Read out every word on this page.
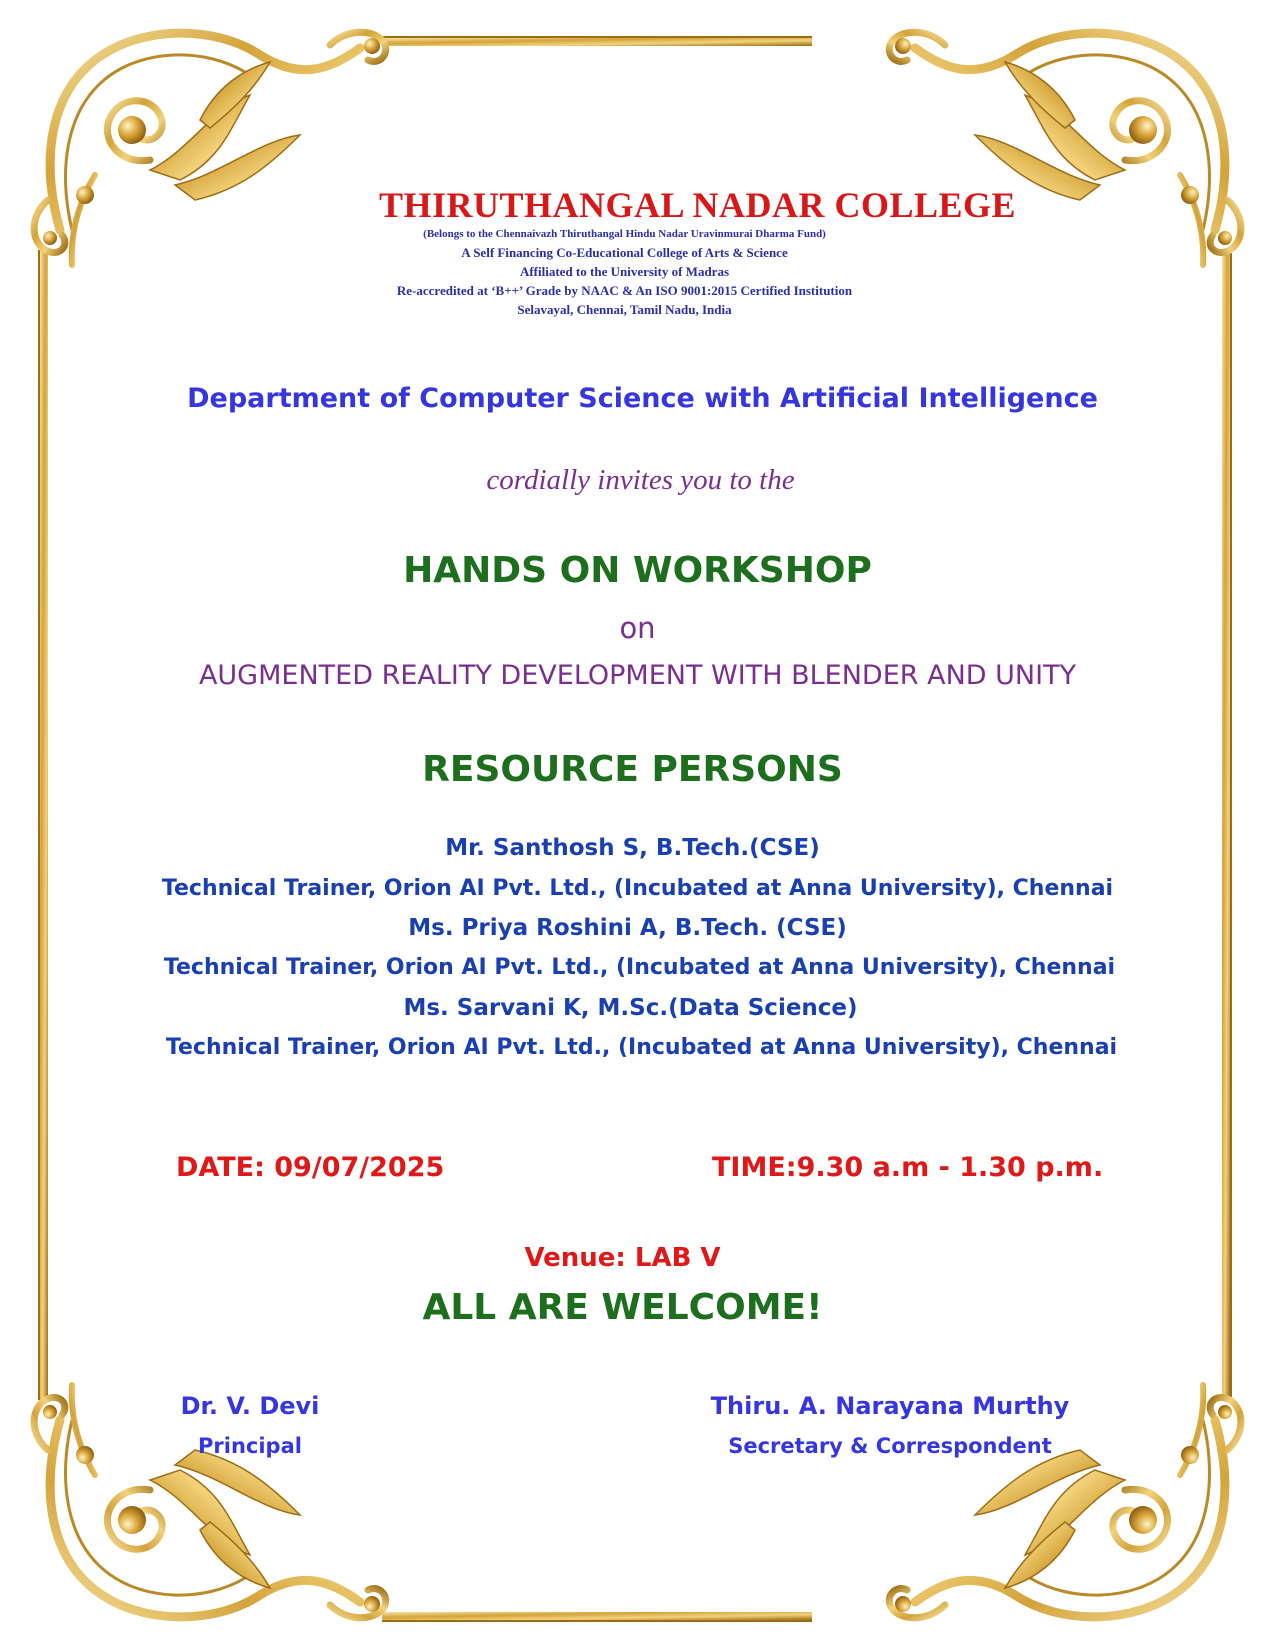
THIRUTHANGAL NADAR COLLEGE
(Belongs to the Chennaivazh Thiruthangal Hindu Nadar Uravinmurai Dharma Fund)
A Self Financing Co-Educational College of Arts & Science
Affiliated to the University of Madras
Re-accredited at ‘B++’ Grade by NAAC & An ISO 9001:2015 Certified Institution
Selavayal, Chennai, Tamil Nadu, India
Department of Computer Science with Artificial Intelligence
cordially invites you to the
HANDS ON WORKSHOP
on
AUGMENTED REALITY DEVELOPMENT WITH BLENDER AND UNITY
RESOURCE PERSONS
Mr. Santhosh S, B.Tech.(CSE)
Technical Trainer, Orion AI Pvt. Ltd., (Incubated at Anna University), Chennai
Ms. Priya Roshini A, B.Tech. (CSE)
Technical Trainer, Orion AI Pvt. Ltd., (Incubated at Anna University), Chennai
Ms. Sarvani K, M.Sc.(Data Science)
Technical Trainer, Orion AI Pvt. Ltd., (Incubated at Anna University), Chennai
DATE: 09/07/2025	TIME:9.30 a.m - 1.30 p.m.
Venue: LAB V
ALL ARE WELCOME!
Dr. V. Devi
Principal
Thiru. A. Narayana Murthy
Secretary & Correspondent
